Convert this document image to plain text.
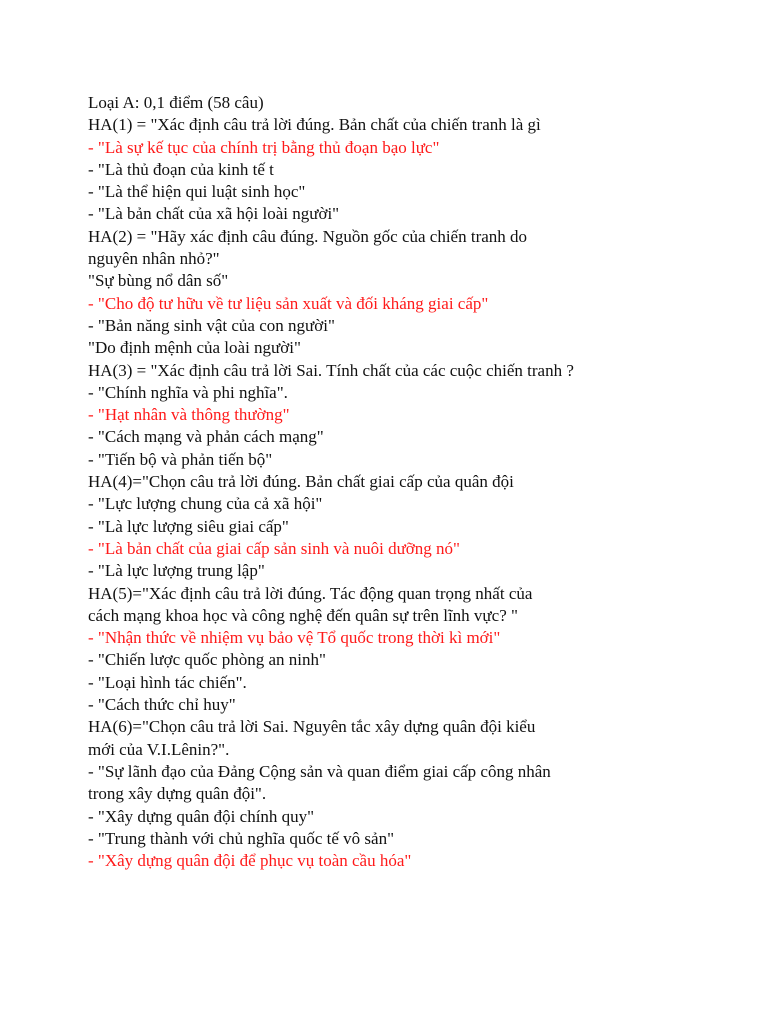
Loại A: 0,1 điểm (58 câu)

HA(1) = "Xác định câu trả lời đúng. Bản chất của chiến tranh là gì

- "Là sự kế tục của chính trị bằng thủ đoạn bạo lực"

- "Là thủ đoạn của kinh tế t

- "Là thể hiện qui luật sinh học"

- "Là bản chất của xã hội loài người"

HA(2) = "Hãy xác định câu đúng. Nguồn gốc của chiến tranh do

nguyên nhân nhỏ?"

"Sự bùng nổ dân số"

- "Cho độ tư hữu về tư liệu sản xuất và đối kháng giai cấp"

- "Bản năng sinh vật của con người"

"Do định mệnh của loài người"

HA(3) = "Xác định câu trả lời Sai. Tính chất của các cuộc chiến tranh ?

- "Chính nghĩa và phi nghĩa".

- "Hạt nhân và thông thường"

- "Cách mạng và phản cách mạng"

- "Tiến bộ và phản tiến bộ"

HA(4)="Chọn câu trả lời đúng. Bản chất giai cấp của quân đội

- "Lực lượng chung của cả xã hội"

- "Là lực lượng siêu giai cấp"

- "Là bản chất của giai cấp sản sinh và nuôi dưỡng nó"

- "Là lực lượng trung lập"

HA(5)="Xác định câu trả lời đúng. Tác động quan trọng nhất của

cách mạng khoa học và công nghệ đến quân sự trên lĩnh vực? "

- "Nhận thức về nhiệm vụ bảo vệ Tổ quốc trong thời kì mới"

- "Chiến lược quốc phòng an ninh"

- "Loại hình tác chiến".

- "Cách thức chỉ huy"

HA(6)="Chọn câu trả lời Sai. Nguyên tắc xây dựng quân đội kiểu

mới của V.I.Lênin?".

- "Sự lãnh đạo của Đảng Cộng sản và quan điểm giai cấp công nhân

trong xây dựng quân đội".

- "Xây dựng quân đội chính quy"

- "Trung thành với chủ nghĩa quốc tế vô sản"

- "Xây dựng quân đội để phục vụ toàn cầu hóa"
